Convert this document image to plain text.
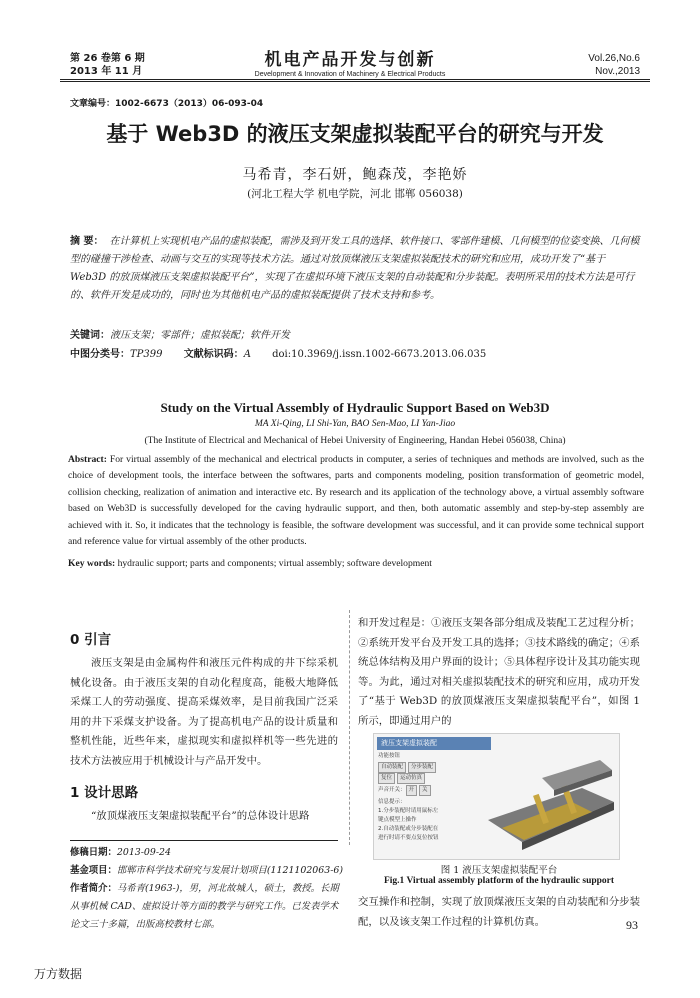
第 26 卷第 6 期
2013 年 11 月
机电产品开发与创新
Development & Innovation of Machinery & Electrical Products
Vol.26,No.6
Nov.,2013
文章编号：1002-6673（2013）06-093-04
基于 Web3D 的液压支架虚拟装配平台的研究与开发
马希青，李石妍，鲍森茂，李艳娇
(河北工程大学 机电学院，河北 邯郸 056038)
摘 要： 在计算机上实现机电产品的虚拟装配，需涉及到开发工具的选择、软件接口、零部件建模、几何模型的位姿变换、几何模型的碰撞干涉检查、动画与交互的实现等技术方法。通过对放顶煤液压支架虚拟装配技术的研究和应用，成功开发了“基于 Web3D 的放顶煤液压支架虚拟装配平台”，实现了在虚拟环境下液压支架的自动装配和分步装配。表明所采用的技术方法是可行的、软件开发是成功的，同时也为其他机电产品的虚拟装配提供了技术支持和参考。
关键词：液压支架；零部件；虚拟装配；软件开发
中图分类号：TP399 文献标识码：A doi:10.3969/j.issn.1002-6673.2013.06.035
Study on the Virtual Assembly of Hydraulic Support Based on Web3D
MA Xi-Qing, LI Shi-Yan, BAO Sen-Mao, LI Yan-Jiao
(The Institute of Electrical and Mechanical of Hebei University of Engineering, Handan Hebei 056038, China)
Abstract: For virtual assembly of the mechanical and electrical products in computer, a series of techniques and methods are involved, such as the choice of development tools, the interface between the softwares, parts and components modeling, position transformation of geometric model, collision checking, realization of animation and interactive etc. By research and its application of the technology above, a virtual assembly software based on Web3D is successfully developed for the caving hydraulic support, and then, both automatic assembly and step-by-step assembly are achieved with it. So, it indicates that the technology is feasible, the software development was successful, and it can provide some technical support and reference value for virtual assembly of the other products.
Key words: hydraulic support; parts and components; virtual assembly; software development
0 引言
液压支架是由金属构件和液压元件构成的井下综采机械化设备。由于液压支架的自动化程度高，能极大地降低采煤工人的劳动强度、提高采煤效率，是目前我国广泛采用的井下采煤支护设备。为了提高机电产品的设计质量和整机性能，近些年来，虚拟现实和虚拟样机等一些先进的技术方法被应用于机械设计与产品开发中。
1 设计思路
“放顶煤液压支架虚拟装配平台”的总体设计思路
修稿日期：2013-09-24
基金项目：邯郸市科学技术研究与发展计划项目(1121102063-6)
作者简介：马希青(1963-)，男，河北故城人，硕士，教授。长期从事机械 CAD、虚拟设计等方面的教学与研究工作。已发表学术论文三十多篇，出版高校教材七部。
和开发过程是：①液压支架各部分组成及装配工艺过程分析；②系统开发平台及开发工具的选择；③技术路线的确定；④系统总体结构及用户界面的设计；⑤具体程序设计及其功能实现等。为此，通过对相关虚拟装配技术的研究和应用，成功开发了“基于 Web3D 的放顶煤液压支架虚拟装配平台”，如图 1 所示，即通过用户的
液压支架虚拟装配
功能按钮
自动装配 分步装配
复位 运动仿真
声音开关： 开 关
信息提示：
1.分步装配时请用鼠标左
键点模型上操作
2.自动装配或分步装配在
进行时请不要点复位按钮
图 1 液压支架虚拟装配平台
Fig.1 Virtual assembly platform of the hydraulic support
交互操作和控制，实现了放顶煤液压支架的自动装配和分步装配，以及该支架工作过程的计算机仿真。	93
万方数据
